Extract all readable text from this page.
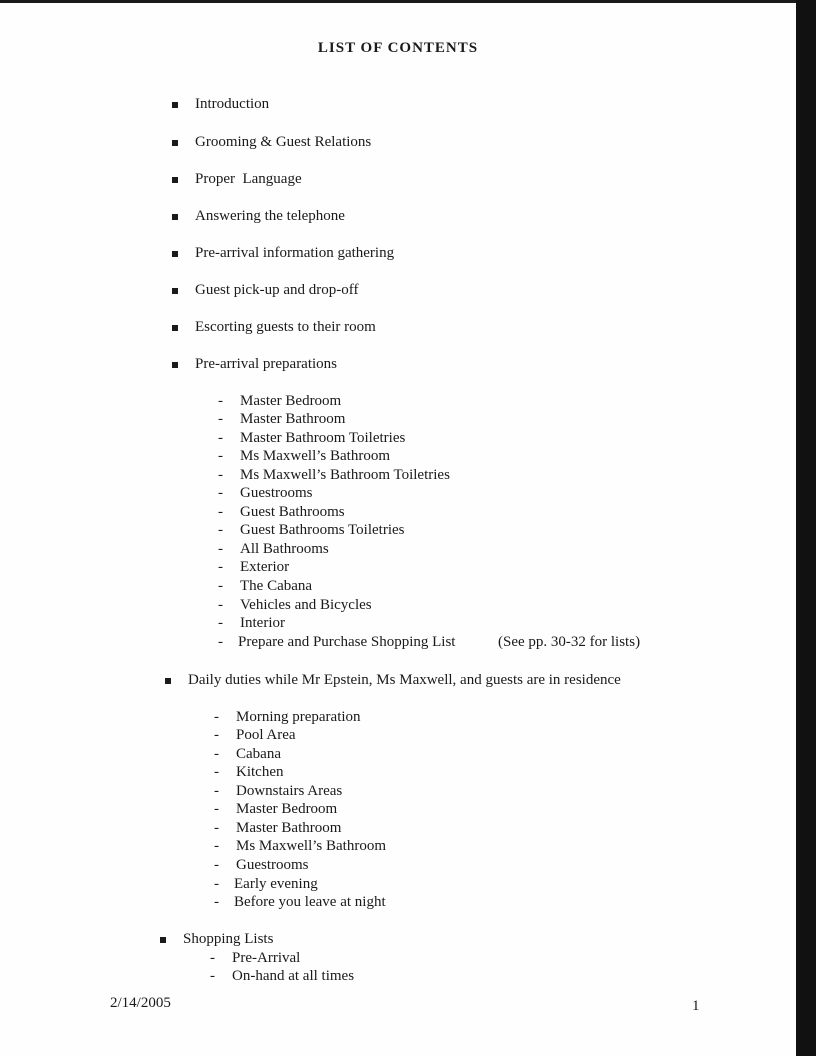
LIST OF CONTENTS
Introduction
Grooming & Guest Relations
Proper  Language
Answering the telephone
Pre-arrival information gathering
Guest pick-up and drop-off
Escorting guests to their room
Pre-arrival preparations
- Master Bedroom
- Master Bathroom
- Master Bathroom Toiletries
- Ms Maxwell’s Bathroom
- Ms Maxwell’s Bathroom Toiletries
- Guestrooms
- Guest Bathrooms
- Guest Bathrooms Toiletries
- All Bathrooms
- Exterior
- The Cabana
- Vehicles and Bicycles
- Interior
- Prepare and Purchase Shopping List	(See pp. 30-32 for lists)
Daily duties while Mr Epstein, Ms Maxwell, and guests are in residence
- Morning preparation
- Pool Area
- Cabana
- Kitchen
- Downstairs Areas
- Master Bedroom
- Master Bathroom
- Ms Maxwell’s Bathroom
- Guestrooms
- Early evening
- Before you leave at night
Shopping Lists
- Pre-Arrival
- On-hand at all times
2/14/2005	1
